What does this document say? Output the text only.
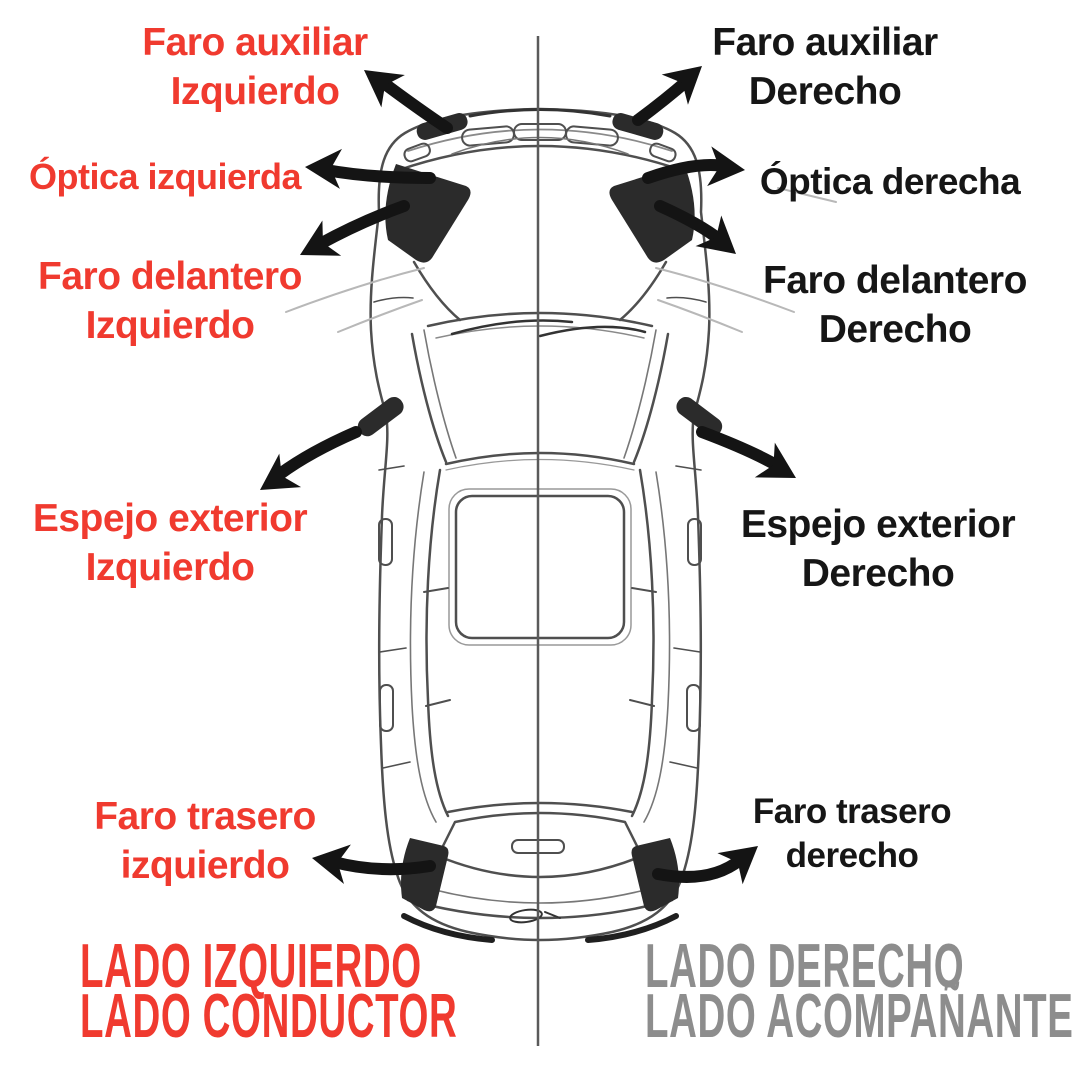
Faro auxiliar
Izquierdo
Faro auxiliar
Derecho
Óptica izquierda	Óptica derecha
Faro delantero
Izquierdo
Faro delantero
Derecho
Espejo exterior
Izquierdo
Espejo exterior
Derecho
Faro trasero
izquierdo
Faro trasero
derecho
LADO IZQUIERDO
LADO CONDUCTOR
LADO DERECHO
LADO ACOMPAÑANTE
